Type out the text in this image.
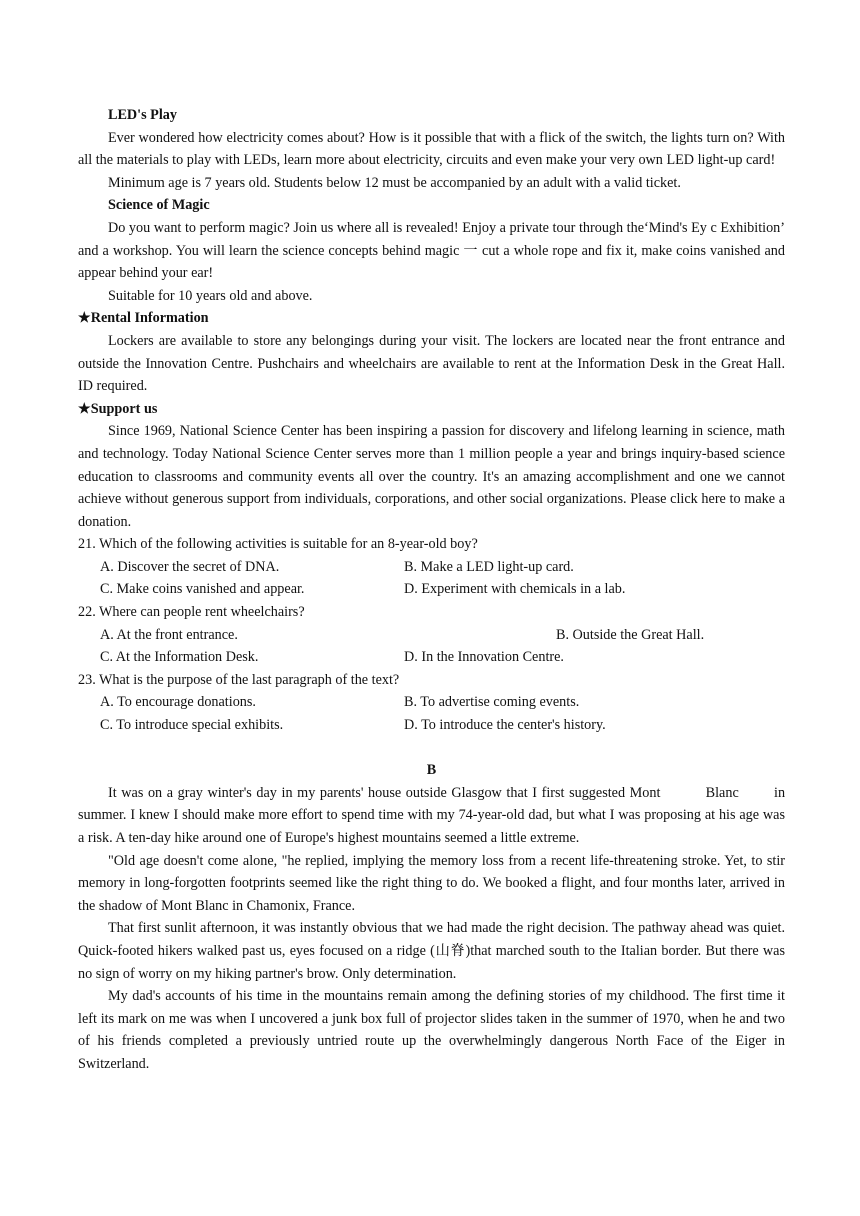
LED's Play

Ever wondered how electricity comes about? How is it possible that with a flick of the switch, the lights turn on? With all the materials to play with LEDs, learn more about electricity, circuits and even make your very own LED light-up card!

Minimum age is 7 years old. Students below 12 must be accompanied by an adult with a valid ticket.

Science of Magic

Do you want to perform magic? Join us where all is revealed! Enjoy a private tour through the‘Mind's Ey c Exhibition’ and a workshop. You will learn the science concepts behind magic 一 cut a whole rope and fix it, make coins vanished and appear behind your ear!

Suitable for 10 years old and above.

★Rental Information

Lockers are available to store any belongings during your visit. The lockers are located near the front entrance and outside the Innovation Centre. Pushchairs and wheelchairs are available to rent at the Information Desk in the Great Hall. ID required.

★Support us

Since 1969, National Science Center has been inspiring a passion for discovery and lifelong learning in science, math and technology. Today National Science Center serves more than 1 million people a year and brings inquiry-based science education to classrooms and community events all over the country. It's an amazing accomplishment and one we cannot achieve without generous support from individuals, corporations, and other social organizations. Please click here to make a donation.

21. Which of the following activities is suitable for an 8-year-old boy?

A. Discover the secret of DNA.	B. Make a LED light-up card.
C. Make coins vanished and appear.	D. Experiment with chemicals in a lab.

22. Where can people rent wheelchairs?

A. At the front entrance.	B. Outside the Great Hall.
C. At the Information Desk.	D. In the Innovation Centre.

23. What is the purpose of the last paragraph of the text?

A. To encourage donations.	B. To advertise coming events.
C. To introduce special exhibits.	D. To introduce the center's history.

B

It was on a gray winter's day in my parents' house outside Glasgow that I first suggested Mont	Blanc in summer. I knew I should make more effort to spend time with my 74-year-old dad, but what I was proposing at his age was a risk. A ten-day hike around one of Europe's highest mountains seemed a little extreme.

"Old age doesn't come alone, "he replied, implying the memory loss from a recent life-threatening stroke. Yet, to stir memory in long-forgotten footprints seemed like the right thing to do. We booked a flight, and four months later, arrived in the shadow of Mont Blanc in Chamonix, France.

That first sunlit afternoon, it was instantly obvious that we had made the right decision. The pathway ahead was quiet. Quick-footed hikers walked past us, eyes focused on a ridge (山脊)that marched south to the Italian border. But there was no sign of worry on my hiking partner's brow. Only determination.

My dad's accounts of his time in the mountains remain among the defining stories of my childhood. The first time it left its mark on me was when I uncovered a junk box full of projector slides taken in the summer of 1970, when he and two of his friends completed a previously untried route up the overwhelmingly dangerous North Face of the Eiger in Switzerland.
